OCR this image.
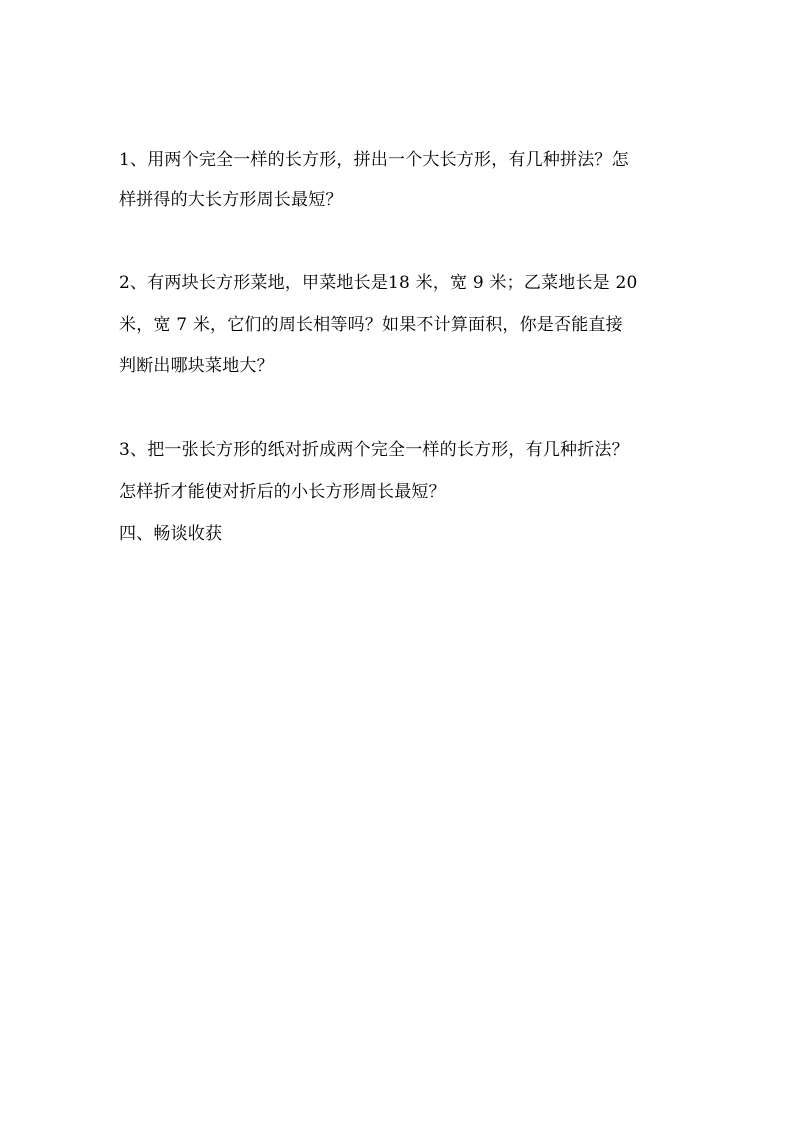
1、用两个完全一样的长方形，拼出一个大长方形，有几种拼法？怎
样拼得的大长方形周长最短？
2、有两块长方形菜地，甲菜地长是18 米，宽 9 米；乙菜地长是 20
米，宽 7 米，它们的周长相等吗？如果不计算面积，你是否能直接
判断出哪块菜地大？
3、把一张长方形的纸对折成两个完全一样的长方形，有几种折法？
怎样折才能使对折后的小长方形周长最短？
四、畅谈收获
